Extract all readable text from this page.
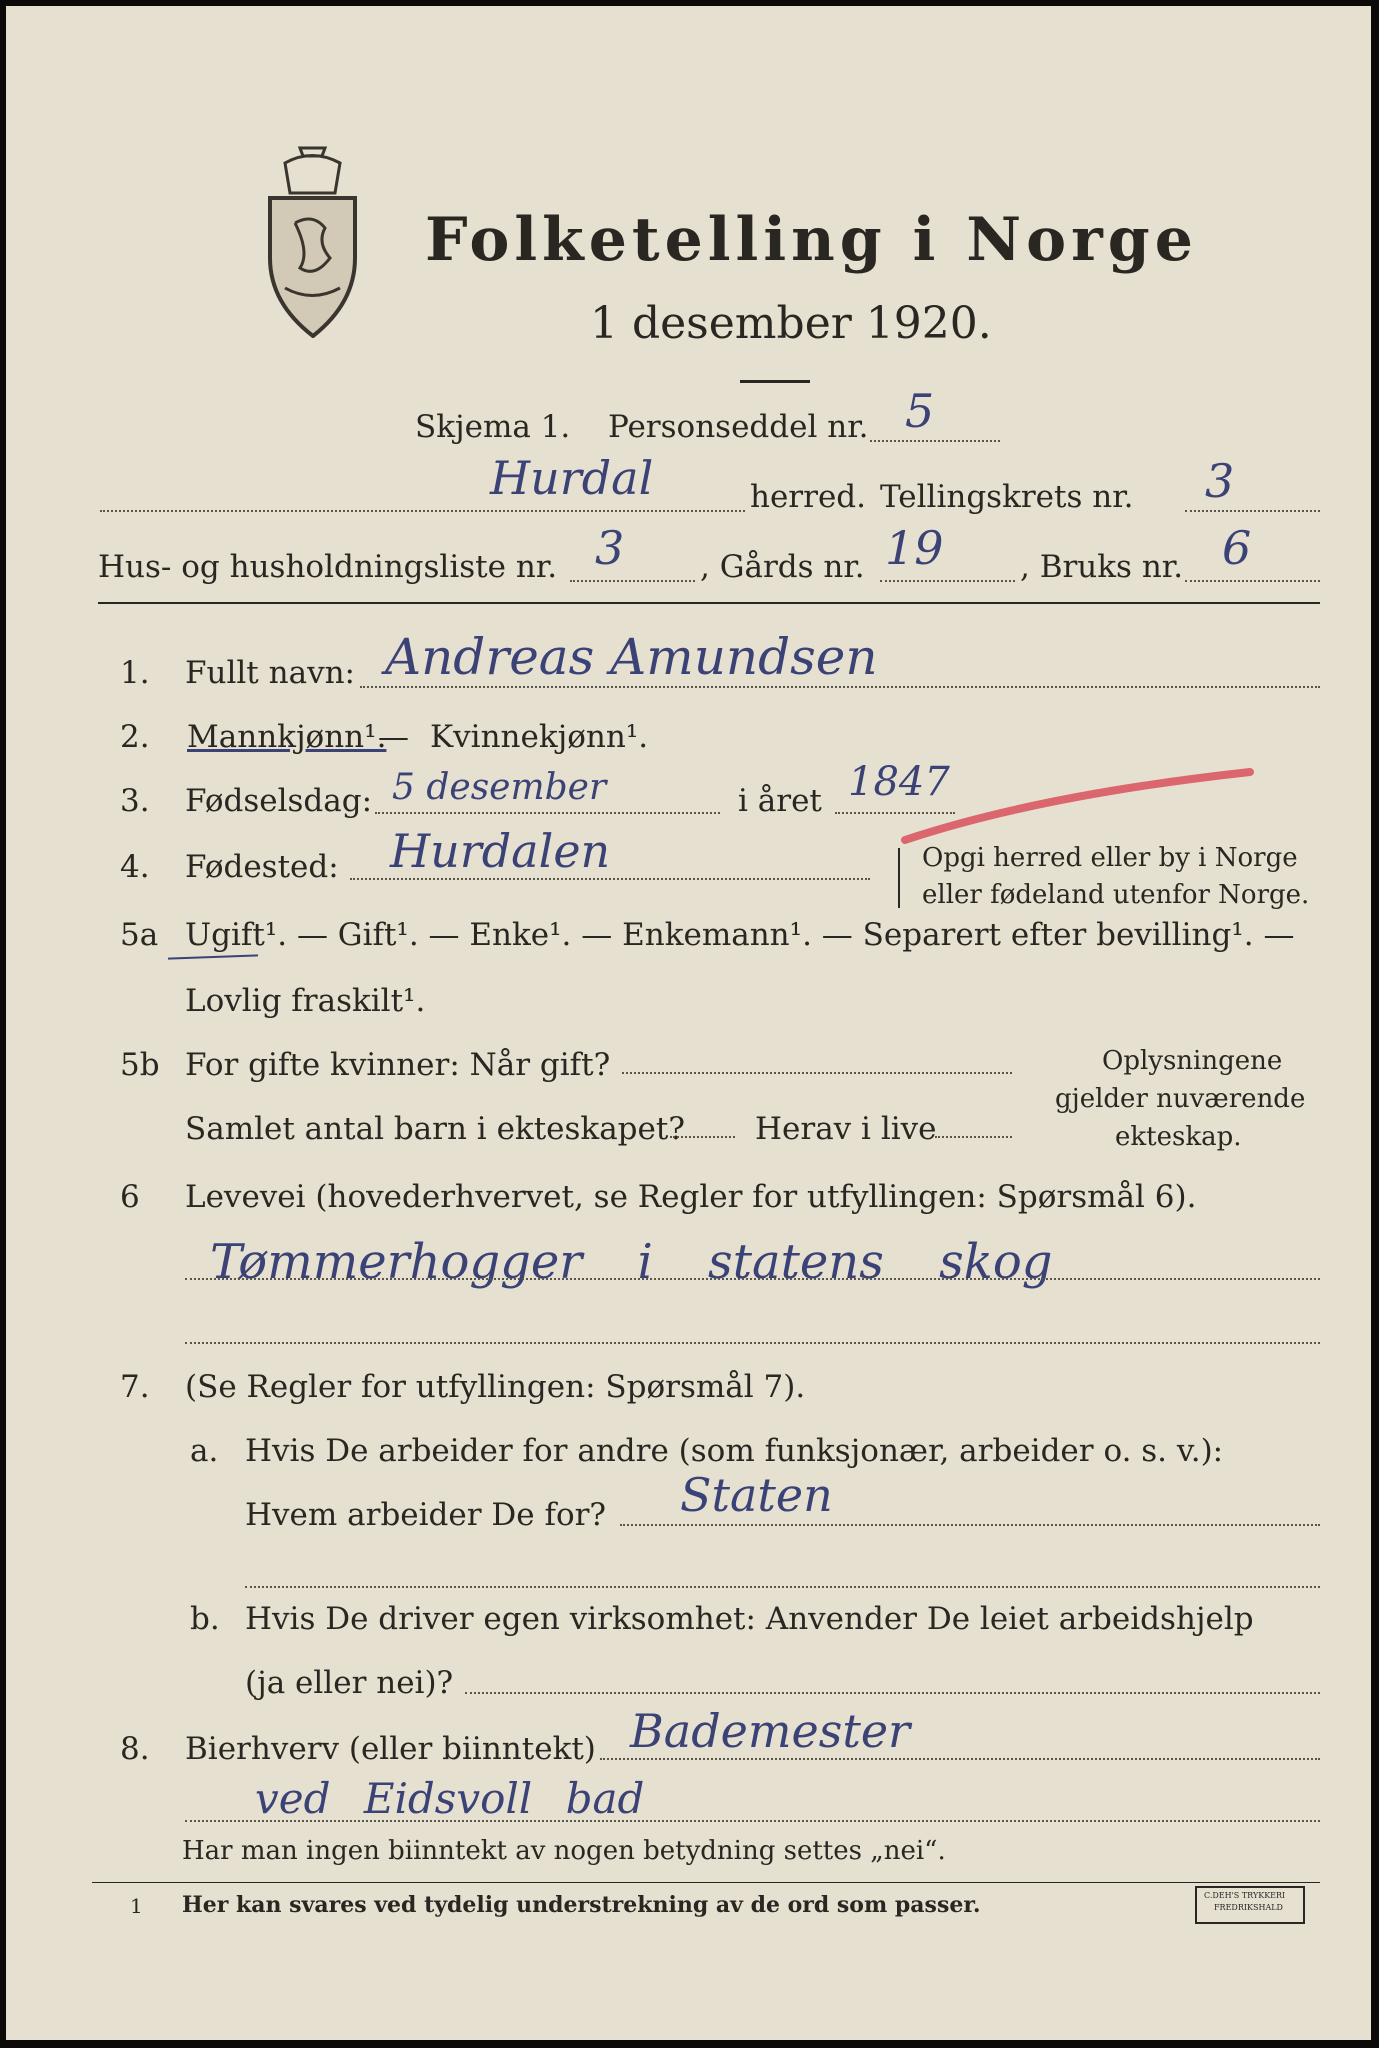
Folketelling i Norge
1 desember 1920.
Skjema 1. Personseddel nr. 5
Hurdal	herred. Tellingskrets nr. 3
Hus- og husholdningsliste nr. 3 , Gårds nr. 19 , Bruks nr. 6
1. Fullt navn: Andreas Amundsen
2. Mannkjønn¹.
— Kvinnekjønn¹.
3. Fødselsdag: 5 desember	i året 1847
4. Fødested: Hurdalen	Opgi herred eller by i Norge
eller fødeland utenfor Norge.
5a Ugift¹. — Gift¹. — Enke¹. — Enkemann¹. — Separert efter bevilling¹. —
Lovlig fraskilt¹.
5b For gifte kvinner: Når gift?
Samlet antal barn i ekteskapet? Herav i live
Oplysningene
gjelder nuværende
ekteskap.
6 Levevei (hovederhvervet, se Regler for utfyllingen: Spørsmål 6).
Tømmerhogger i statens skog
7. (Se Regler for utfyllingen: Spørsmål 7).
a. Hvis De arbeider for andre (som funksjonær, arbeider o. s. v.):
Hvem arbeider De for? Staten
b. Hvis De driver egen virksomhet: Anvender De leiet arbeidshjelp
(ja eller nei)?
8. Bierhverv (eller biinntekt) Bademester
ved Eidsvoll bad
Har man ingen biinntekt av nogen betydning settes „nei“.
1 Her kan svares ved tydelig understrekning av de ord som passer.	C.DEH'S TRYKKERI
FREDRIKSHALD
